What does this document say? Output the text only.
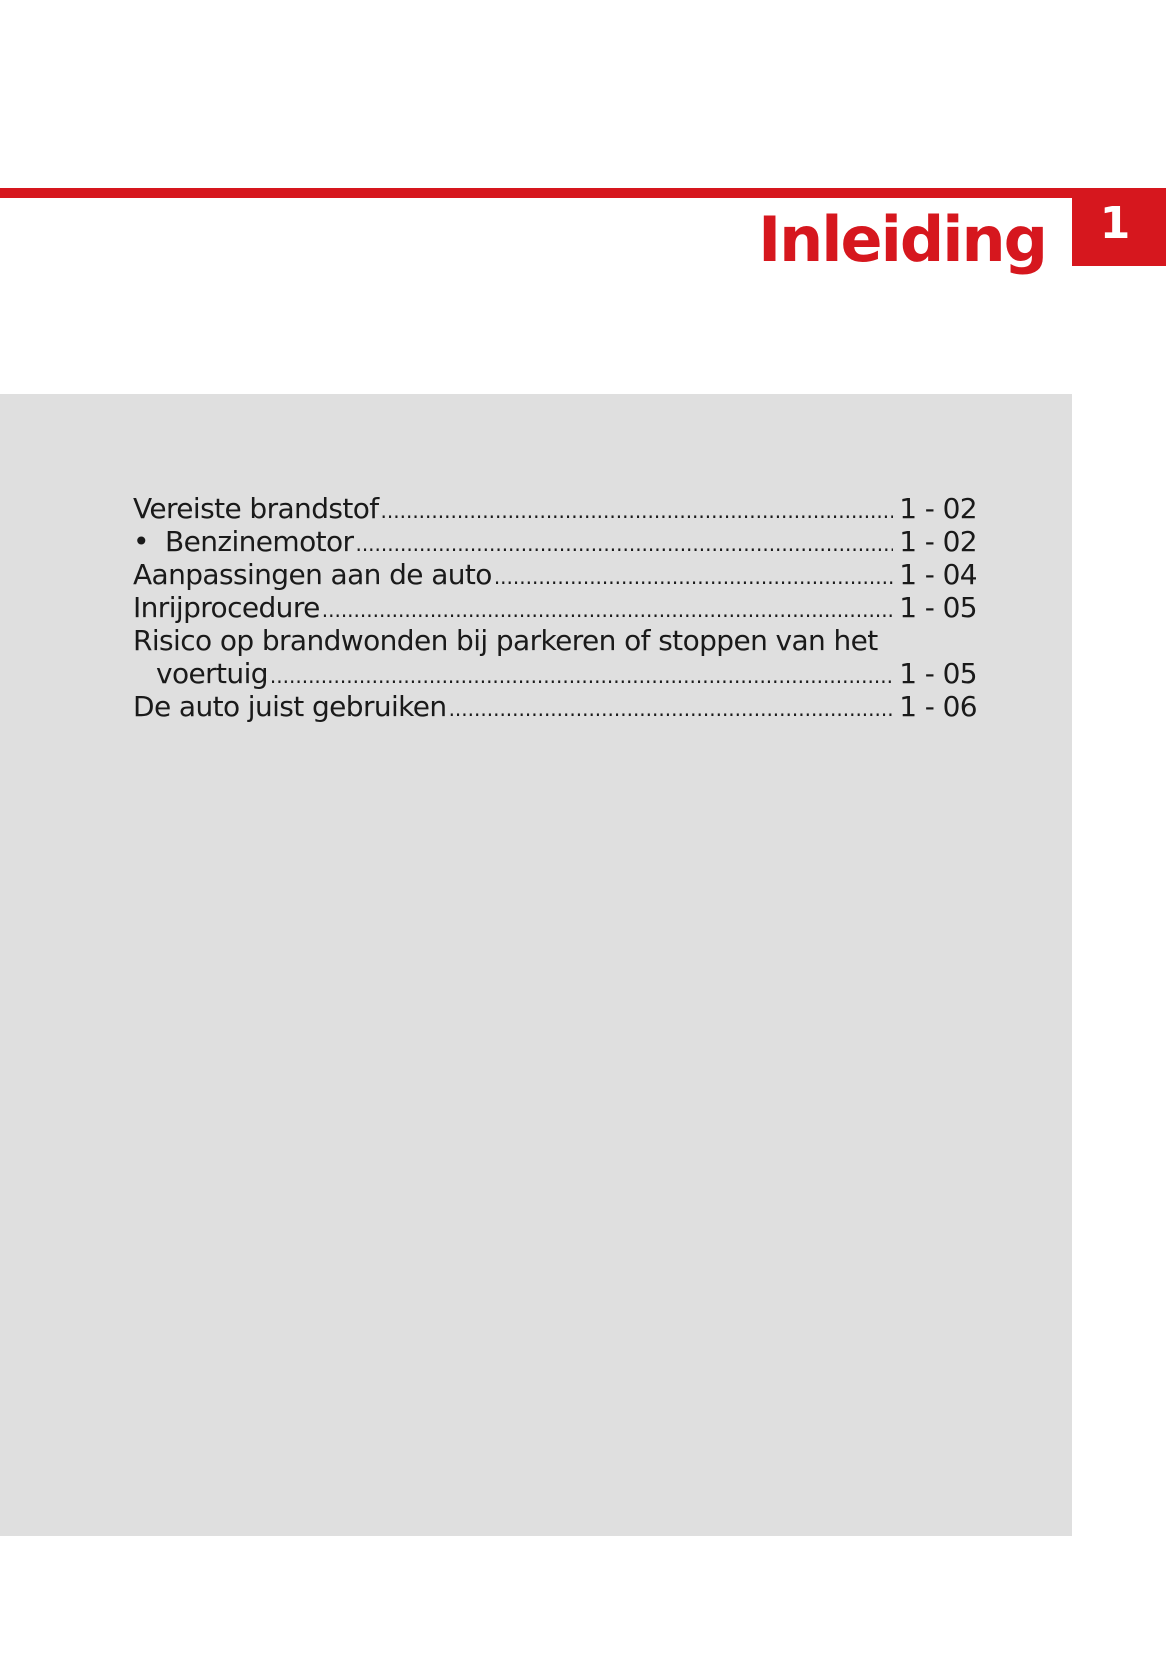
Inleiding	1
Vereiste brandstof .....	1 - 02
• Benzinemotor .....	1 - 02
Aanpassingen aan de auto .....	1 - 04
Inrijprocedure .....	1 - 05
Risico op brandwonden bij parkeren of stoppen van het
voertuig .....	1 - 05
De auto juist gebruiken .....	1 - 06
